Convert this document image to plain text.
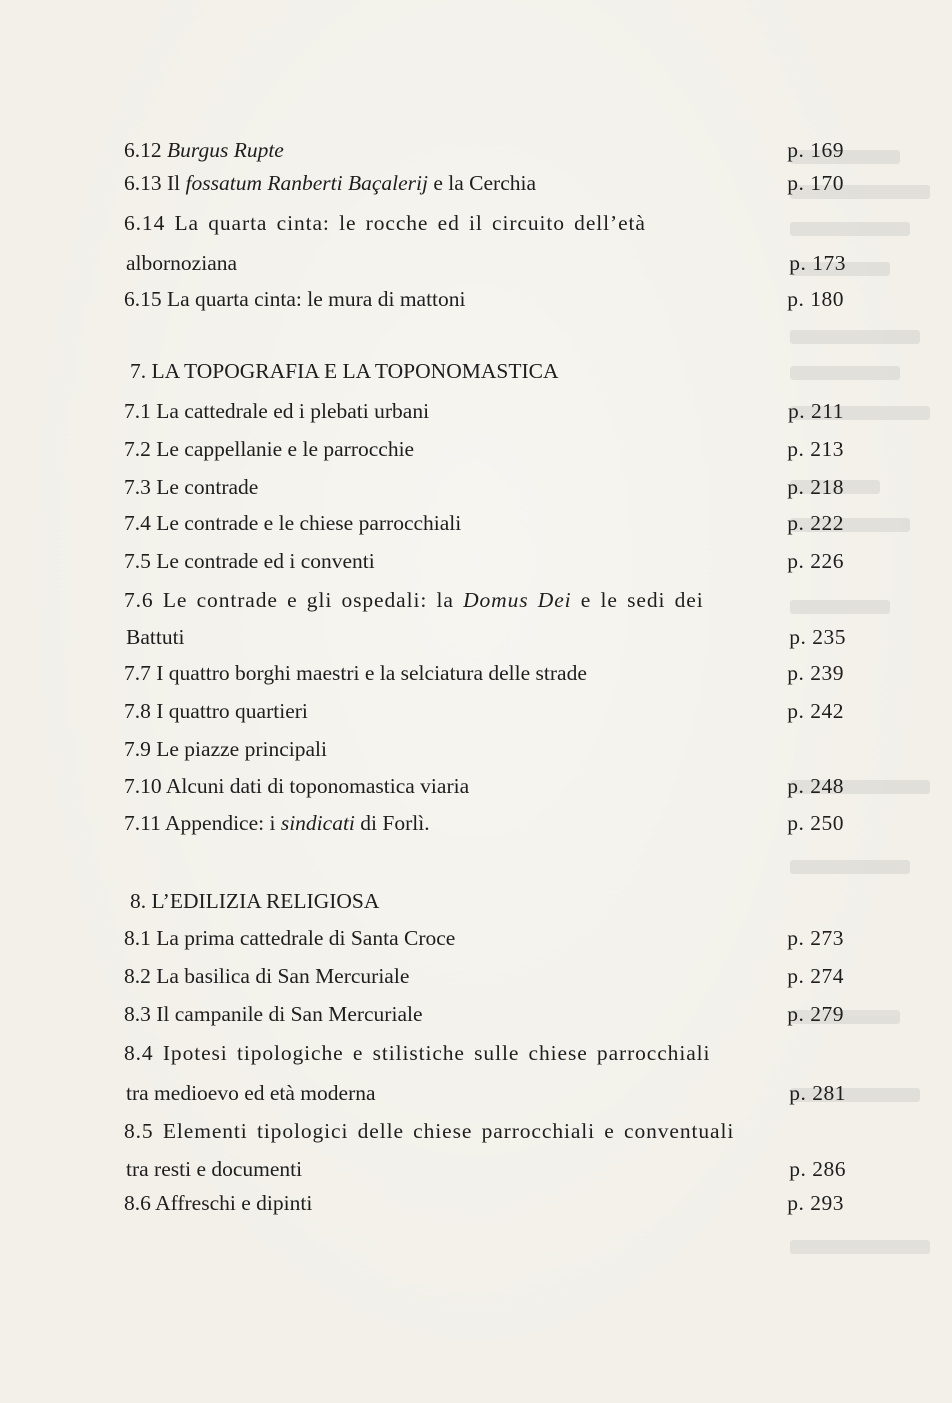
6.12 Burgus Rupte	p. 169
6.13 Il fossatum Ranberti Baçalerij e la Cerchia	p. 170
6.14 La quarta cinta: le rocche ed il circuito dell’età
albornoziana	p. 173
6.15 La quarta cinta: le mura di mattoni	p. 180
7. LA TOPOGRAFIA E LA TOPONOMASTICA
7.1 La cattedrale ed i plebati urbani	p. 211
7.2 Le cappellanie e le parrocchie	p. 213
7.3 Le contrade	p. 218
7.4 Le contrade e le chiese parrocchiali	p. 222
7.5 Le contrade ed i conventi	p. 226
7.6 Le contrade e gli ospedali: la Domus Dei e le sedi dei
Battuti	p. 235
7.7 I quattro borghi maestri e la selciatura delle strade	p. 239
7.8 I quattro quartieri	p. 242
7.9 Le piazze principali
7.10 Alcuni dati di toponomastica viaria	p. 248
7.11 Appendice: i sindicati di Forlì.	p. 250
8. L’EDILIZIA RELIGIOSA
8.1 La prima cattedrale di Santa Croce	p. 273
8.2 La basilica di San Mercuriale	p. 274
8.3 Il campanile di San Mercuriale	p. 279
8.4 Ipotesi tipologiche e stilistiche sulle chiese parrocchiali
tra medioevo ed età moderna	p. 281
8.5 Elementi tipologici delle chiese parrocchiali e conventuali
tra resti e documenti	p. 286
8.6 Affreschi e dipinti	p. 293
